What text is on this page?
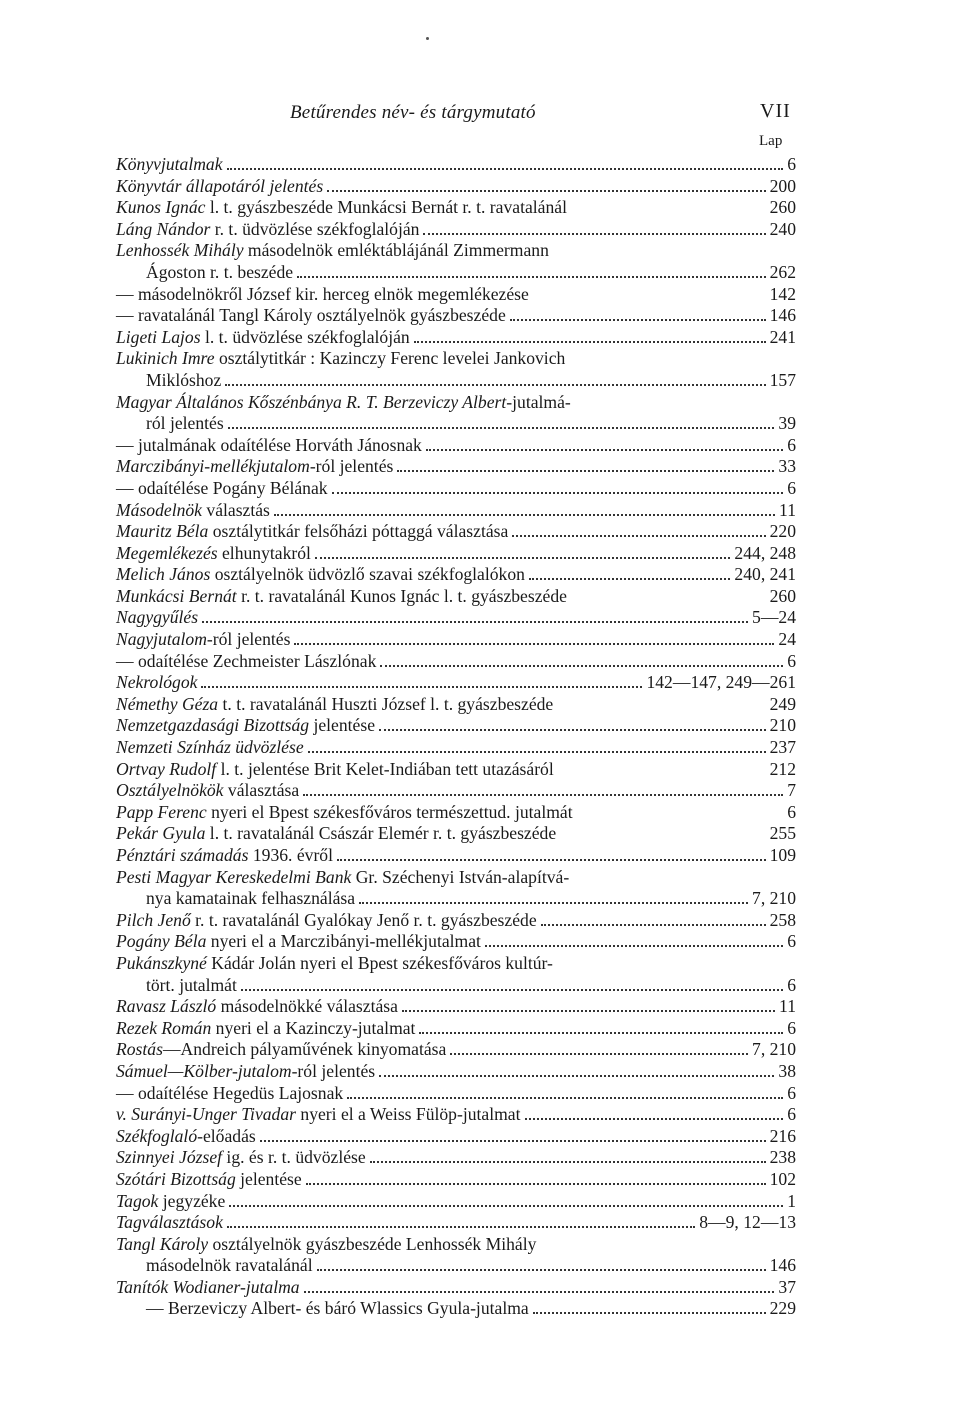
Betűrendes név- és tárgymutató	VII
Lap
Könyvjutalmak	6
Könyvtár állapotáról jelentés	200
Kunos Ignác l. t. gyászbeszéde Munkácsi Bernát r. t. ravatalánál	260
Láng Nándor r. t. üdvözlése székfoglalóján	240
Lenhossék Mihály másodelnök emléktáblájánál Zimmermann
Ágoston r. t. beszéde	262
— másodelnökről József kir. herceg elnök megemlékezése	142
— ravatalánál Tangl Károly osztályelnök gyászbeszéde	146
Ligeti Lajos l. t. üdvözlése székfoglalóján	241
Lukinich Imre osztálytitkár : Kazinczy Ferenc levelei Jankovich
Miklóshoz	157
Magyar Általános Kőszénbánya R. T. Berzeviczy Albert-jutalmá-
ról jelentés	39
— jutalmának odaítélése Horváth Jánosnak	6
Marczibányi-mellékjutalom-ról jelentés	33
— odaítélése Pogány Bélának	6
Másodelnök választás	11
Mauritz Béla osztálytitkár felsőházi póttaggá választása	220
Megemlékezés elhunytakról	244, 248
Melich János osztályelnök üdvözlő szavai székfoglalókon	240, 241
Munkácsi Bernát r. t. ravatalánál Kunos Ignác l. t. gyászbeszéde	260
Nagygyűlés	5—24
Nagyjutalom-ról jelentés	24
— odaítélése Zechmeister Lászlónak	6
Nekrológok	142—147, 249—261
Némethy Géza t. t. ravatalánál Huszti József l. t. gyászbeszéde	249
Nemzetgazdasági Bizottság jelentése	210
Nemzeti Színház üdvözlése	237
Ortvay Rudolf l. t. jelentése Brit Kelet-Indiában tett utazásáról	212
Osztályelnökök választása	7
Papp Ferenc nyeri el Bpest székesfőváros természettud. jutalmát	6
Pekár Gyula l. t. ravatalánál Császár Elemér r. t. gyászbeszéde	255
Pénztári számadás 1936. évről	109
Pesti Magyar Kereskedelmi Bank Gr. Széchenyi István-alapítvá-
nya kamatainak felhasználása	7, 210
Pilch Jenő r. t. ravatalánál Gyalókay Jenő r. t. gyászbeszéde	258
Pogány Béla nyeri el a Marczibányi-mellékjutalmat	6
Pukánszkyné Kádár Jolán nyeri el Bpest székesfőváros kultúr-
tört. jutalmát	6
Ravasz László másodelnökké választása	11
Rezek Román nyeri el a Kazinczy-jutalmat	6
Rostás—Andreich pályaművének kinyomatása	7, 210
Sámuel—Kölber-jutalom-ról jelentés	38
— odaítélése Hegedüs Lajosnak	6
v. Surányi-Unger Tivadar nyeri el a Weiss Fülöp-jutalmat	6
Székfoglaló-előadás	216
Szinnyei József ig. és r. t. üdvözlése	238
Szótári Bizottság jelentése	102
Tagok jegyzéke	1
Tagválasztások	8—9, 12—13
Tangl Károly osztályelnök gyászbeszéde Lenhossék Mihály
másodelnök ravatalánál	146
Tanítók Wodianer-jutalma	37
— Berzeviczy Albert- és báró Wlassics Gyula-jutalma	229
